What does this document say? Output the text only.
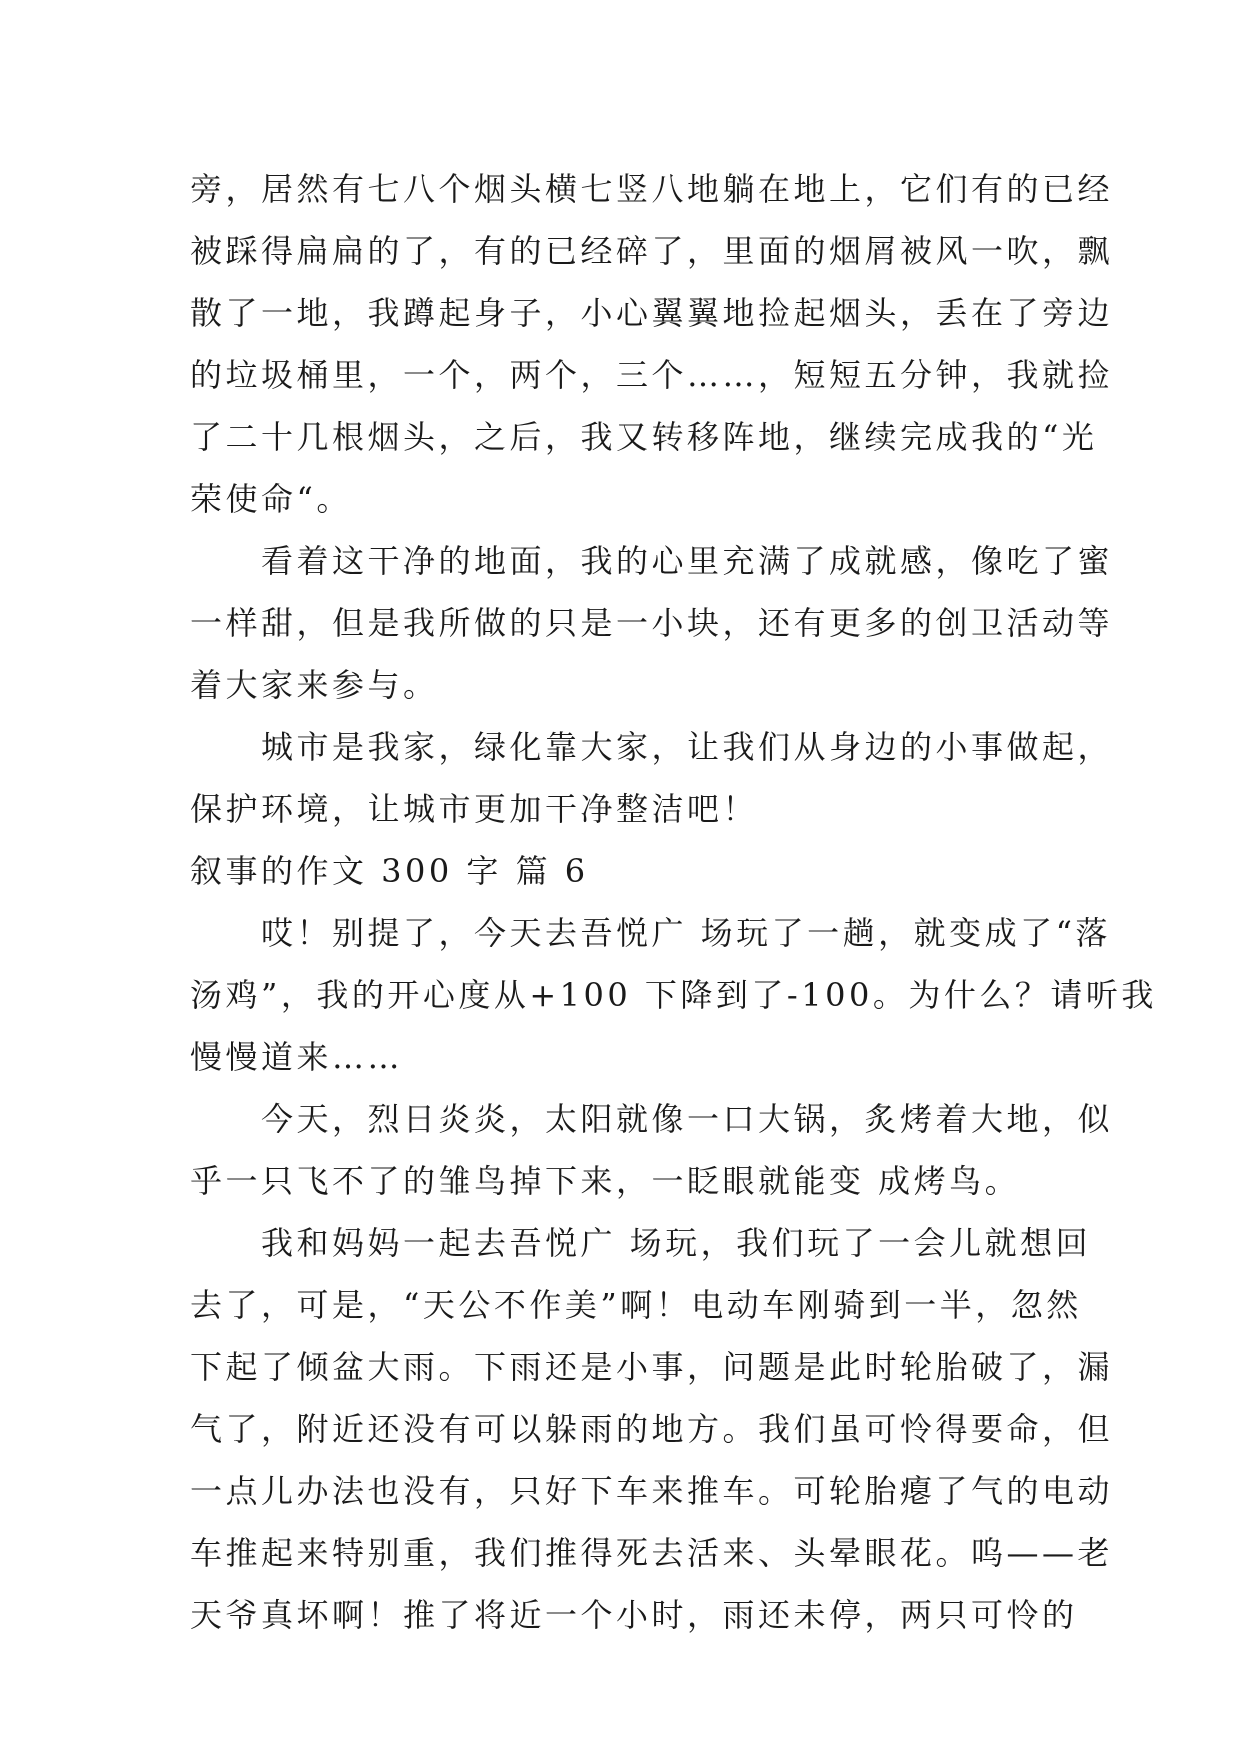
旁，居然有七八个烟头横七竖八地躺在地上，它们有的已经
被踩得扁扁的了，有的已经碎了，里面的烟屑被风一吹，飘
散了一地，我蹲起身子，小心翼翼地捡起烟头，丢在了旁边
的垃圾桶里，一个，两个，三个……，短短五分钟，我就捡
了二十几根烟头，之后，我又转移阵地，继续完成我的“光
荣使命“。
　　看着这干净的地面，我的心里充满了成就感，像吃了蜜
一样甜，但是我所做的只是一小块，还有更多的创卫活动等
着大家来参与。
　　城市是我家，绿化靠大家，让我们从身边的小事做起，
保护环境，让城市更加干净整洁吧！
叙事的作文 300 字 篇 6
　　哎！别提了，今天去吾悦广 场玩了一趟，就变成了“落
汤鸡”，我的开心度从+100 下降到了-100。为什么？请听我
慢慢道来……
　　今天，烈日炎炎，太阳就像一口大锅，炙烤着大地，似
乎一只飞不了的雏鸟掉下来，一眨眼就能变 成烤鸟。
　　我和妈妈一起去吾悦广 场玩，我们玩了一会儿就想回
去了，可是，“天公不作美”啊！电动车刚骑到一半，忽然
下起了倾盆大雨。下雨还是小事，问题是此时轮胎破了，漏
气了，附近还没有可以躲雨的地方。我们虽可怜得要命，但
一点儿办法也没有，只好下车来推车。可轮胎瘪了气的电动
车推起来特别重，我们推得死去活来、头晕眼花。呜——老
天爷真坏啊！推了将近一个小时，雨还未停，两只可怜的
